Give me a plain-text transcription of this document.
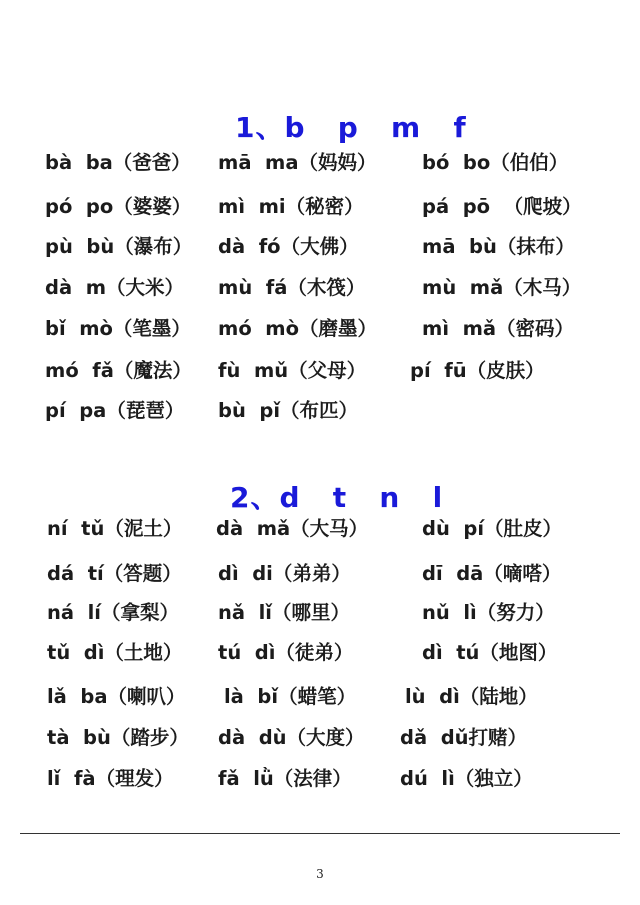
1、b   p   m   f
bà  ba（爸爸） mā  ma（妈妈） bó  bo（伯伯）
pó  po（婆婆） mì  mi（秘密）	pá  pō  （爬坡）
pù  bù（瀑布） dà  fó（大佛）	mā  bù（抹布）
dà  m（大米） mù  fá（木筏）	mù  mǎ（木马）
bǐ  mò（笔墨） mó  mò（磨墨） mì  mǎ（密码）
mó  fǎ（魔法） fù  mǔ（父母） pí  fū（皮肤）
pí  pa（琵琶） bù  pǐ（布匹）
2、d   t   n   l
ní  tǔ（泥土） dà  mǎ（大马）	dù  pí（肚皮）
dá  tí（答题） dì  di（弟弟）	dī  dā（嘀嗒）
ná  lí（拿梨） nǎ  lǐ（哪里）	nǔ  lì（努力）
tǔ  dì（土地） tú  dì（徒弟）	dì  tú（地图）
lǎ  ba（喇叭） là  bǐ（蜡笔）	lù  dì（陆地）
tà  bù（踏步） dà  dù（大度） dǎ  dǔ打赌）
lǐ  fà（理发） fǎ  lǜ（法律） dú  lì（独立）
3
